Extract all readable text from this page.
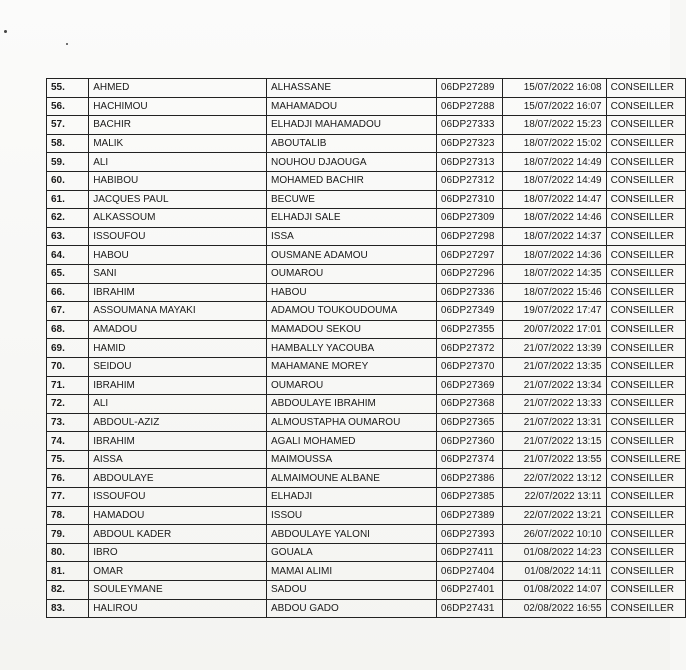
55.	AHMED	ALHASSANE	06DP27289	15/07/2022 16:08	CONSEILLER
56.	HACHIMOU	MAHAMADOU	06DP27288	15/07/2022 16:07	CONSEILLER
57.	BACHIR	ELHADJI MAHAMADOU	06DP27333	18/07/2022 15:23	CONSEILLER
58.	MALIK	ABOUTALIB	06DP27323	18/07/2022 15:02	CONSEILLER
59.	ALI	NOUHOU DJAOUGA	06DP27313	18/07/2022 14:49	CONSEILLER
60.	HABIBOU	MOHAMED BACHIR	06DP27312	18/07/2022 14:49	CONSEILLER
61.	JACQUES PAUL	BECUWE	06DP27310	18/07/2022 14:47	CONSEILLER
62.	ALKASSOUM	ELHADJI SALE	06DP27309	18/07/2022 14:46	CONSEILLER
63.	ISSOUFOU	ISSA	06DP27298	18/07/2022 14:37	CONSEILLER
64.	HABOU	OUSMANE ADAMOU	06DP27297	18/07/2022 14:36	CONSEILLER
65.	SANI	OUMAROU	06DP27296	18/07/2022 14:35	CONSEILLER
66.	IBRAHIM	HABOU	06DP27336	18/07/2022 15:46	CONSEILLER
67.	ASSOUMANA MAYAKI	ADAMOU TOUKOUDOUMA	06DP27349	19/07/2022 17:47	CONSEILLER
68.	AMADOU	MAMADOU SEKOU	06DP27355	20/07/2022 17:01	CONSEILLER
69.	HAMID	HAMBALLY YACOUBA	06DP27372	21/07/2022 13:39	CONSEILLER
70.	SEIDOU	MAHAMANE MOREY	06DP27370	21/07/2022 13:35	CONSEILLER
71.	IBRAHIM	OUMAROU	06DP27369	21/07/2022 13:34	CONSEILLER
72.	ALI	ABDOULAYE IBRAHIM	06DP27368	21/07/2022 13:33	CONSEILLER
73.	ABDOUL-AZIZ	ALMOUSTAPHA OUMAROU	06DP27365	21/07/2022 13:31	CONSEILLER
74.	IBRAHIM	AGALI MOHAMED	06DP27360	21/07/2022 13:15	CONSEILLER
75.	AISSA	MAIMOUSSA	06DP27374	21/07/2022 13:55	CONSEILLERE
76.	ABDOULAYE	ALMAIMOUNE ALBANE	06DP27386	22/07/2022 13:12	CONSEILLER
77.	ISSOUFOU	ELHADJI	06DP27385	22/07/2022 13:11	CONSEILLER
78.	HAMADOU	ISSOU	06DP27389	22/07/2022 13:21	CONSEILLER
79.	ABDOUL KADER	ABDOULAYE YALONI	06DP27393	26/07/2022 10:10	CONSEILLER
80.	IBRO	GOUALA	06DP27411	01/08/2022 14:23	CONSEILLER
81.	OMAR	MAMAI ALIMI	06DP27404	01/08/2022 14:11	CONSEILLER
82.	SOULEYMANE	SADOU	06DP27401	01/08/2022 14:07	CONSEILLER
83.	HALIROU	ABDOU GADO	06DP27431	02/08/2022 16:55	CONSEILLER
